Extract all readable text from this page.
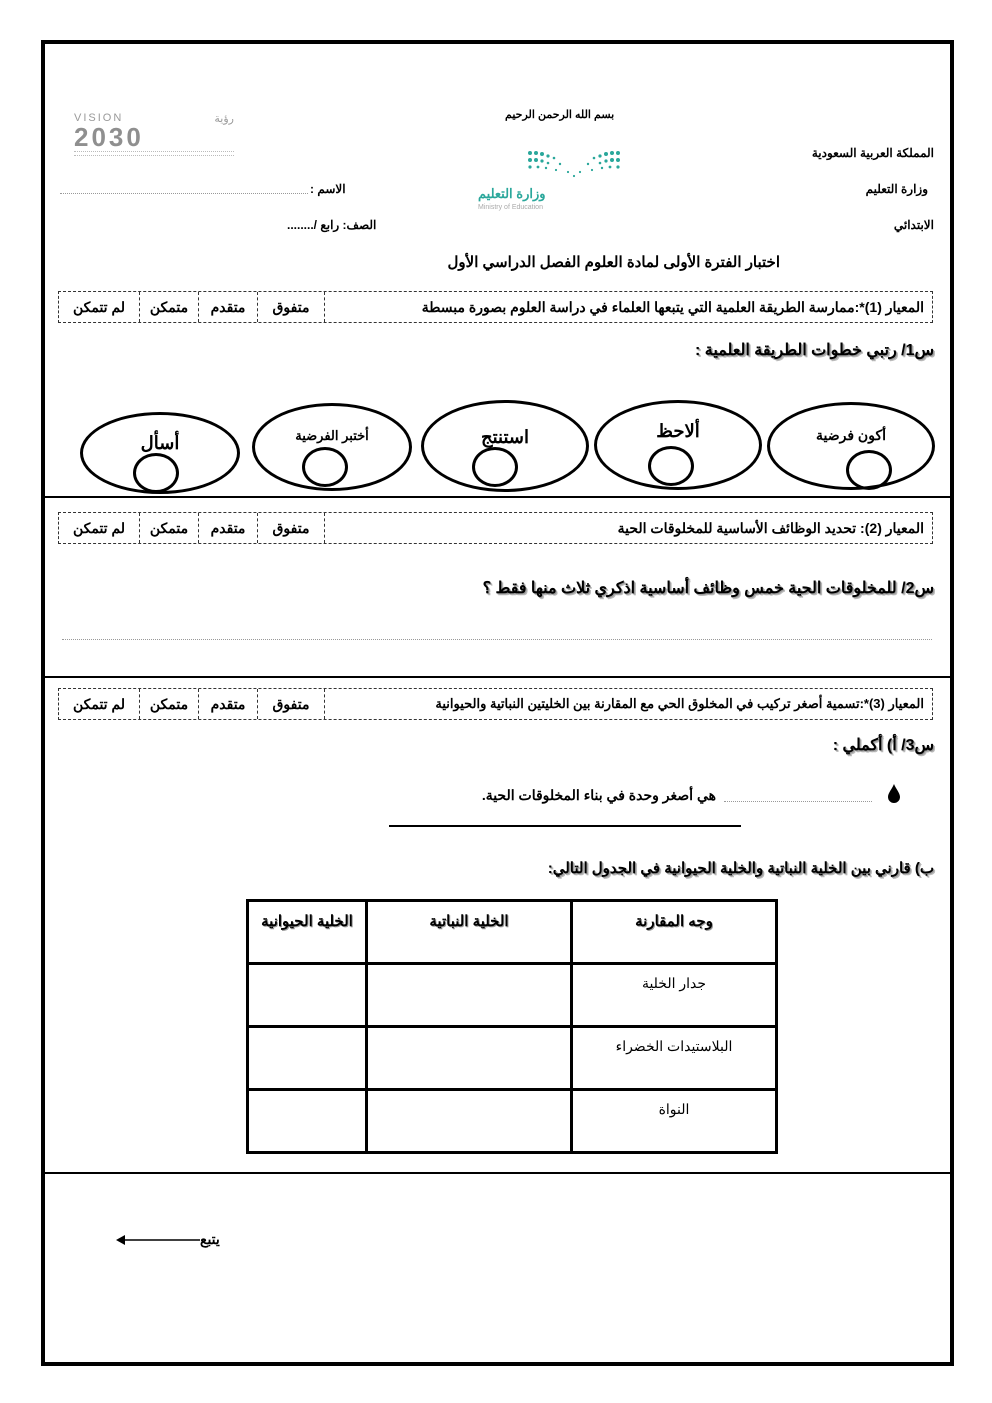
بسم الله الرحمن الرحيم
المملكة العربية السعودية
وزارة التعليم
الابتدائي
الاسم :
الصف: رابع /........
VISION	رؤية
2030
وزارة التعليم
Ministry of Education
اختبار الفترة الأولى لمادة العلوم الفصل الدراسي الأول
المعيار (1)*:ممارسة الطريقة العلمية التي يتبعها العلماء في دراسة العلوم بصورة مبسطة
متفوق
متقدم
متمكن
لم تتمكن
س1/ رتبي خطوات الطريقة العلمية :
أكون فرضية
ألاحظ
استنتج
أختبر الفرضية
أسأل
المعيار (2): تحديد الوظائف الأساسية للمخلوقات الحية
متفوق
متقدم
متمكن
لم تتمكن
س2/ للمخلوقات الحية خمس وظائف أساسية اذكري ثلاث منها فقط ؟
المعيار (3)*:تسمية أصغر تركيب في المخلوق الحي مع المقارنة بين الخليتين النباتية والحيوانية
متفوق
متقدم
متمكن
لم تتمكن
س3/ أ) أكملي :
هي أصغر وحدة في بناء المخلوقات الحية.
ب) قارني بين الخلية النباتية والخلية الحيوانية في الجدول التالي:
وجه المقارنة	الخلية النباتية	الخلية الحيوانية
جدار الخلية		
البلاستيدات الخضراء		
النواة		
يتبع
